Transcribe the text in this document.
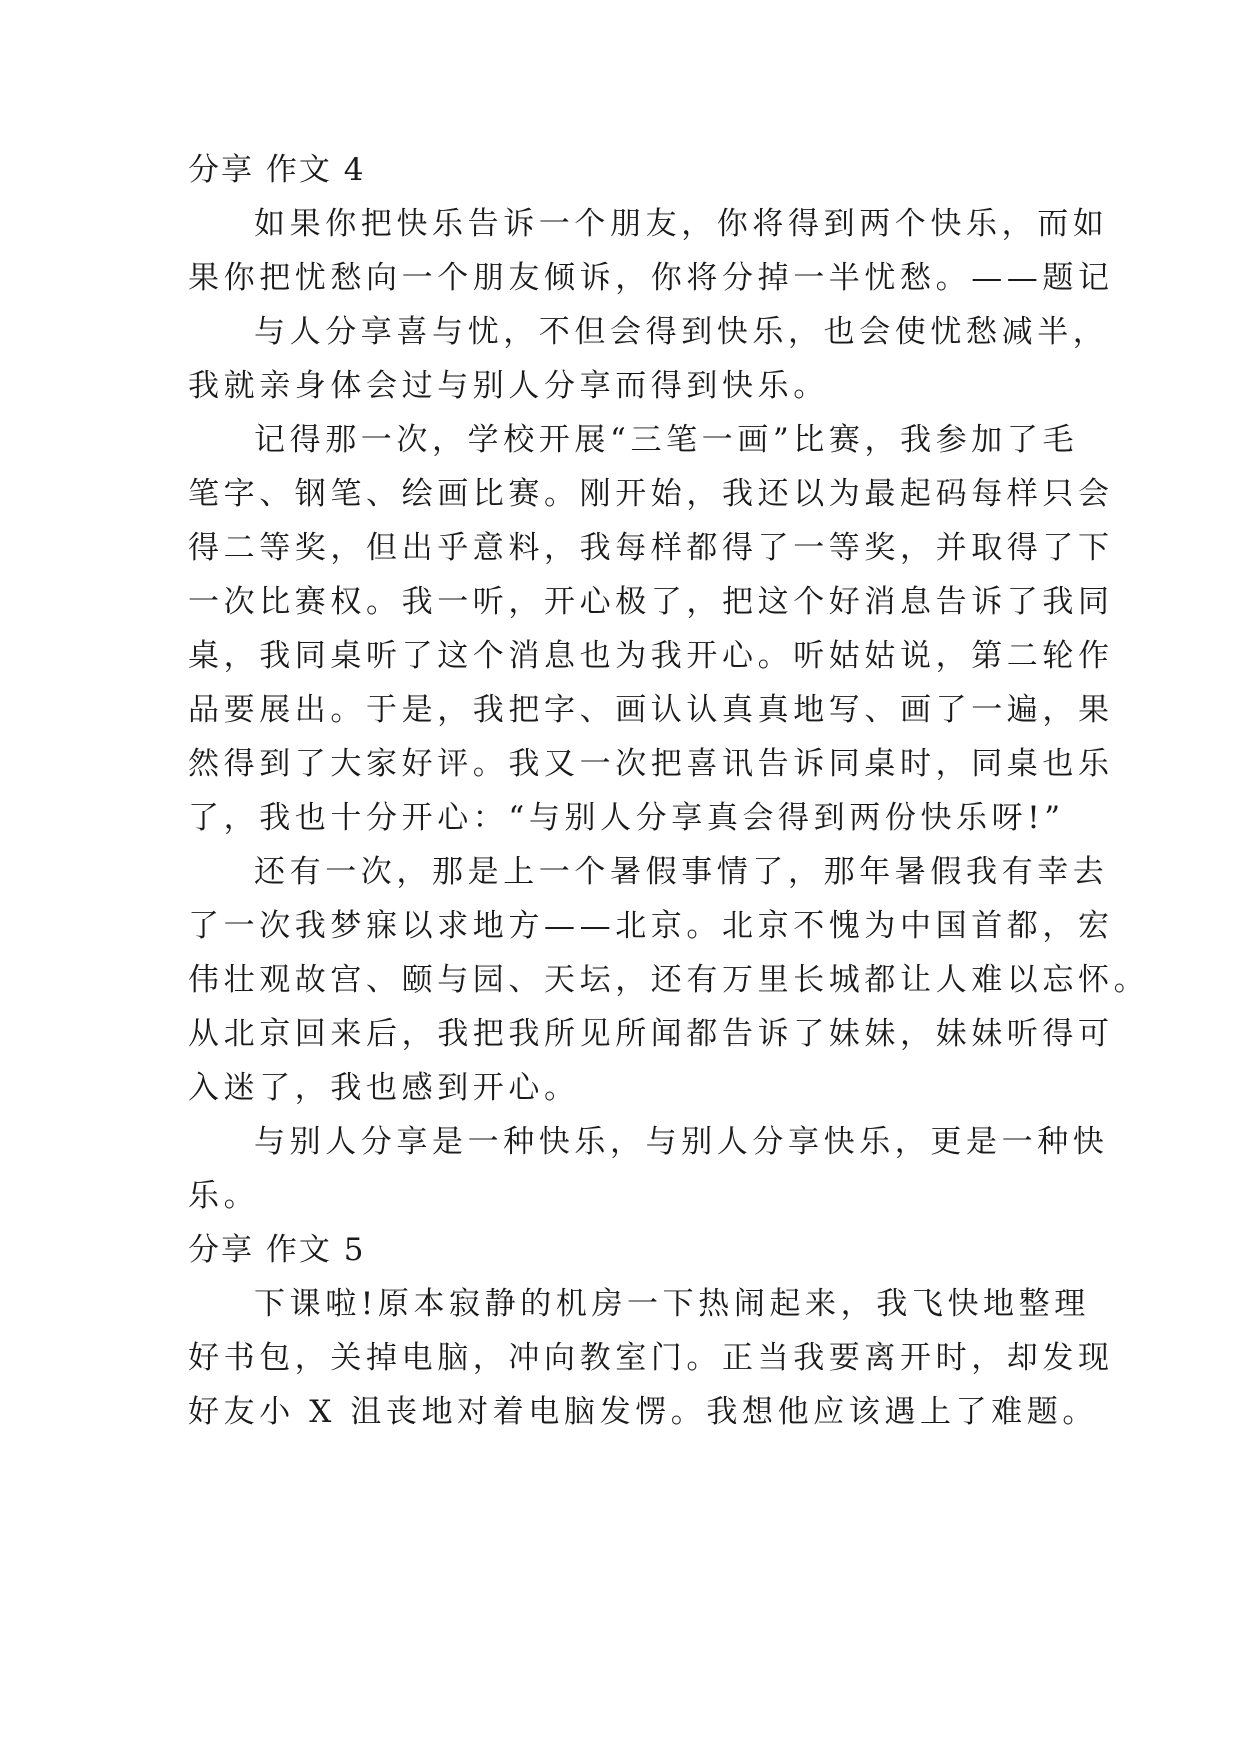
分享 作文 4
如果你把快乐告诉一个朋友，你将得到两个快乐，而如
果你把忧愁向一个朋友倾诉，你将分掉一半忧愁。——题记
与人分享喜与忧，不但会得到快乐，也会使忧愁减半，
我就亲身体会过与别人分享而得到快乐。
记得那一次，学校开展“三笔一画”比赛，我参加了毛
笔字、钢笔、绘画比赛。刚开始，我还以为最起码每样只会
得二等奖，但出乎意料，我每样都得了一等奖，并取得了下
一次比赛权。我一听，开心极了，把这个好消息告诉了我同
桌，我同桌听了这个消息也为我开心。听姑姑说，第二轮作
品要展出。于是，我把字、画认认真真地写、画了一遍，果
然得到了大家好评。我又一次把喜讯告诉同桌时，同桌也乐
了，我也十分开心：“与别人分享真会得到两份快乐呀!”
还有一次，那是上一个暑假事情了，那年暑假我有幸去
了一次我梦寐以求地方——北京。北京不愧为中国首都，宏
伟壮观故宫、颐与园、天坛，还有万里长城都让人难以忘怀。
从北京回来后，我把我所见所闻都告诉了妹妹，妹妹听得可
入迷了，我也感到开心。
与别人分享是一种快乐，与别人分享快乐，更是一种快
乐。
分享 作文 5
下课啦!原本寂静的机房一下热闹起来，我飞快地整理
好书包，关掉电脑，冲向教室门。正当我要离开时，却发现
好友小 X 沮丧地对着电脑发愣。我想他应该遇上了难题。
